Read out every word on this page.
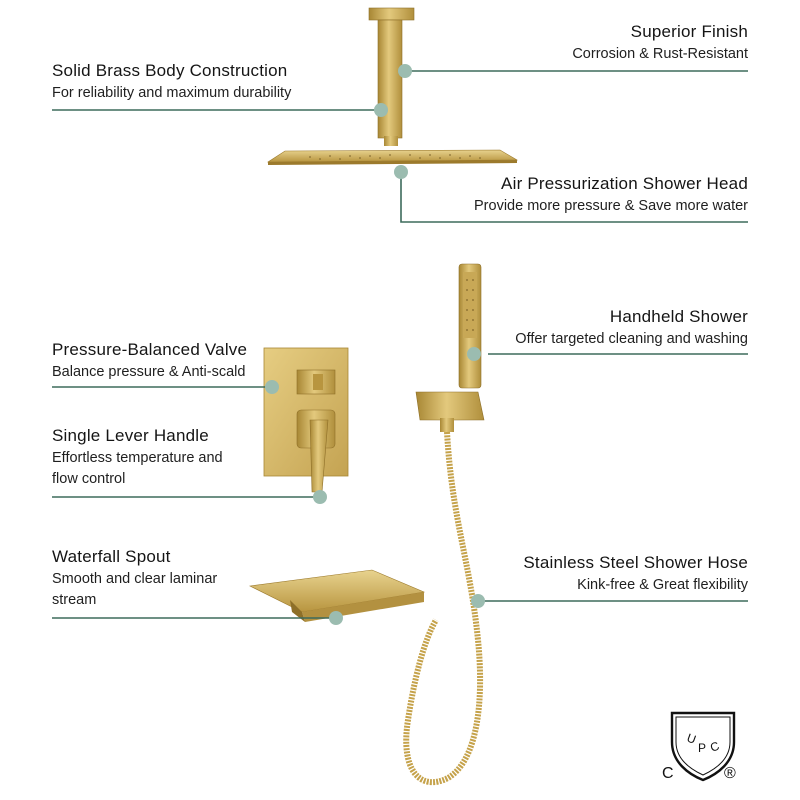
U
P C
Solid Brass Body Construction
For reliability and maximum durability
Superior Finish
Corrosion & Rust-Resistant
Air Pressurization Shower Head
Provide more pressure & Save more water
Handheld Shower
Offer targeted cleaning and washing
Pressure-Balanced Valve
Balance pressure & Anti-scald
Single Lever Handle
Effortless temperature and
flow control
Waterfall Spout
Smooth and clear laminar
stream
Stainless Steel Shower Hose
Kink-free & Great flexibility
C	®
